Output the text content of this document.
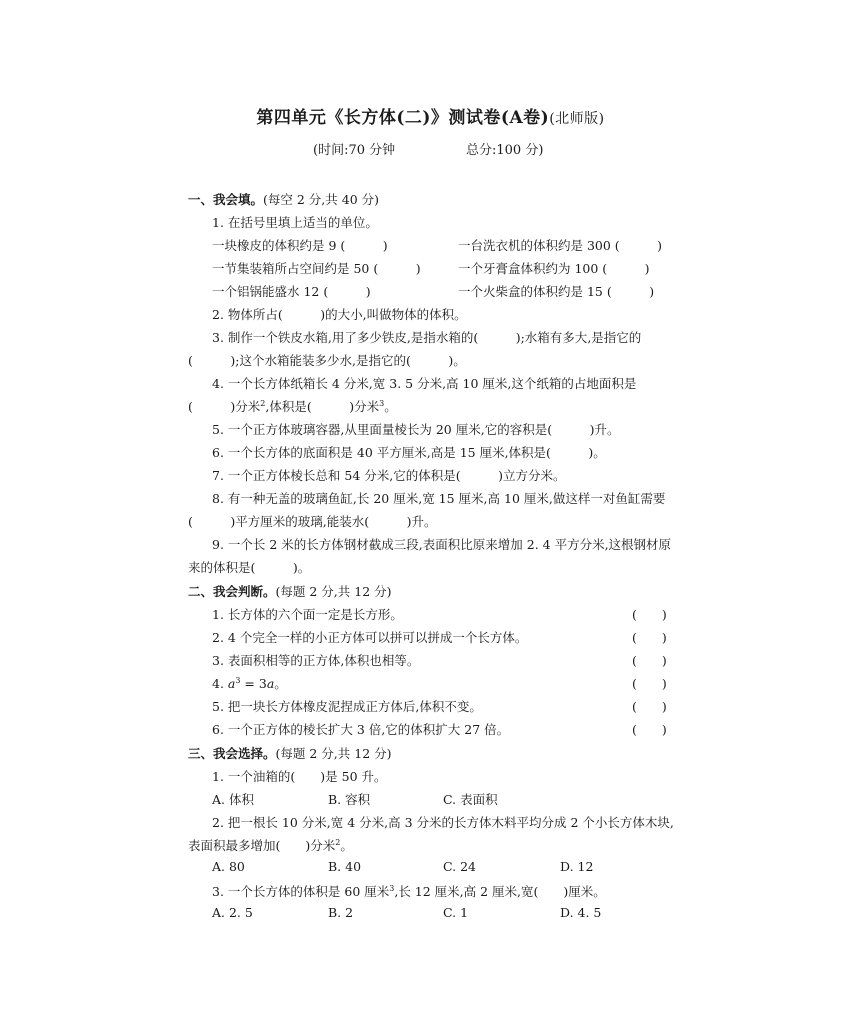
第四单元《长方体(二)》测试卷(A卷)(北师版)
(时间:70 分钟	总分:100 分)
一、我会填。(每空 2 分,共 40 分)
1. 在括号里填上适当的单位。
一块橡皮的体积约是 9 (　　　)	一台洗衣机的体积约是 300 (　　　)
一节集装箱所占空间约是 50 (　　　)	一个牙膏盒体积约为 100 (　　　)
一个铝锅能盛水 12 (　　　)	一个火柴盒的体积约是 15 (　　　)
2. 物体所占(　　　)的大小,叫做物体的体积。
3. 制作一个铁皮水箱,用了多少铁皮,是指水箱的(　　　);水箱有多大,是指它的
(　　　);这个水箱能装多少水,是指它的(　　　)。
4. 一个长方体纸箱长 4 分米,宽 3. 5 分米,高 10 厘米,这个纸箱的占地面积是
(　　　)分米$^2$,体积是(　　　)分米$^3$。
5. 一个正方体玻璃容器,从里面量棱长为 20 厘米,它的容积是(　　　)升。
6. 一个长方体的底面积是 40 平方厘米,高是 15 厘米,体积是(　　　)。
7. 一个正方体棱长总和 54 分米,它的体积是(　　　)立方分米。
8. 有一种无盖的玻璃鱼缸,长 20 厘米,宽 15 厘米,高 10 厘米,做这样一对鱼缸需要
(　　　)平方厘米的玻璃,能装水(　　　)升。
9. 一个长 2 米的长方体钢材截成三段,表面积比原来增加 2. 4 平方分米,这根钢材原
来的体积是(　　　)。
二、我会判断。(每题 2 分,共 12 分)
1. 长方体的六个面一定是长方形。	(　　)
2. 4 个完全一样的小正方体可以拼可以拼成一个长方体。	(　　)
3. 表面积相等的正方体,体积也相等。	(　　)
4. $a^3 = 3a$。	(　　)
5. 把一块长方体橡皮泥捏成正方体后,体积不变。	(　　)
6. 一个正方体的棱长扩大 3 倍,它的体积扩大 27 倍。	(　　)
三、我会选择。(每题 2 分,共 12 分)
1. 一个油箱的(　　)是 50 升。
A. 体积	B. 容积	C. 表面积
2. 把一根长 10 分米,宽 4 分米,高 3 分米的长方体木料平均分成 2 个小长方体木块,
表面积最多增加(　　)分米$^2$。
A. 80	B. 40	C. 24	D. 12
3. 一个长方体的体积是 60 厘米$^3$,长 12 厘米,高 2 厘米,宽(　　)厘米。
A. 2. 5	B. 2	C. 1	D. 4. 5
